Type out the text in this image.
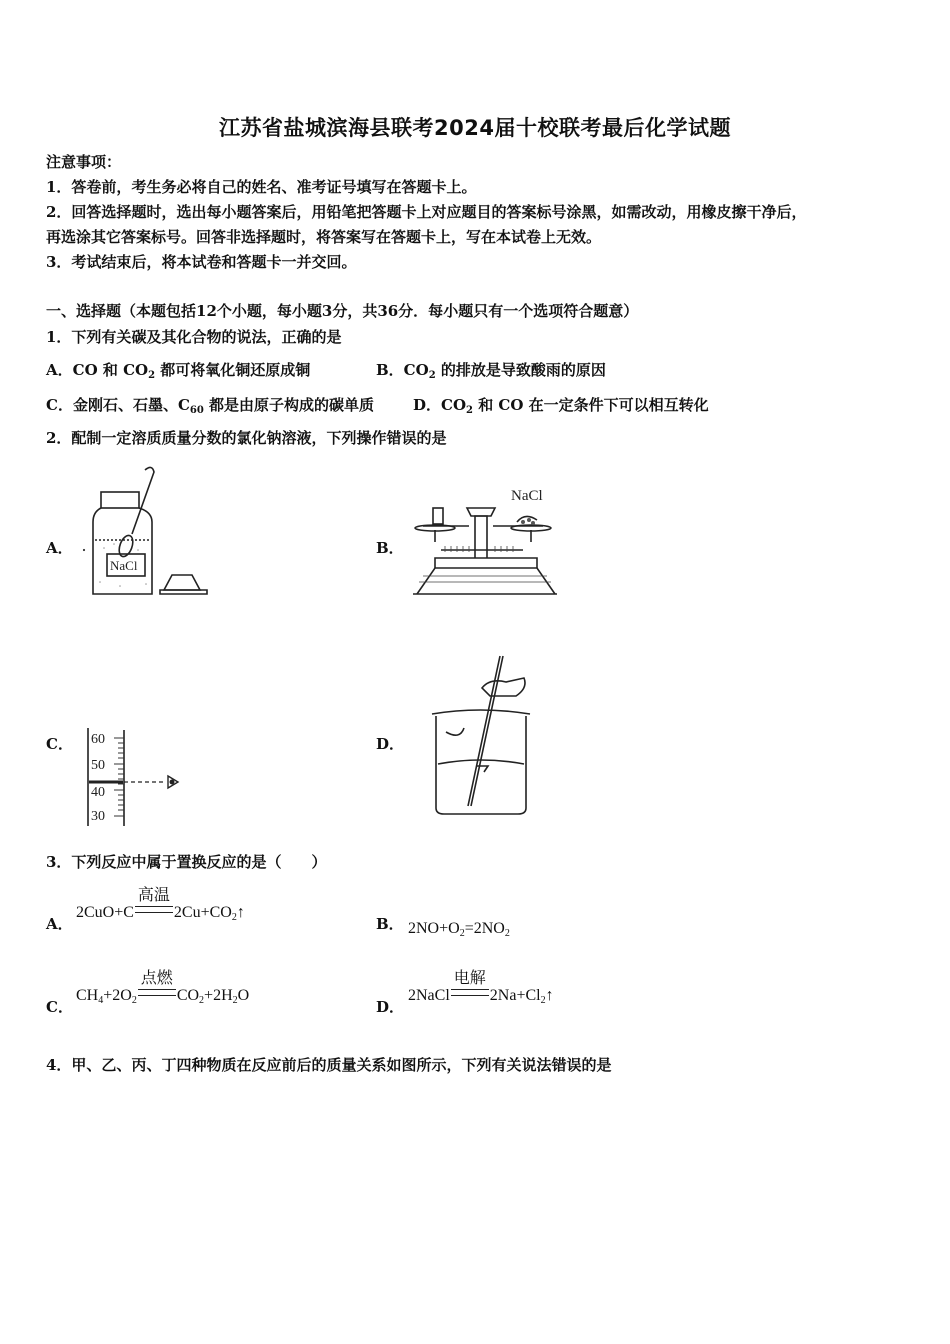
江苏省盐城滨海县联考2024届十校联考最后化学试题
注意事项：
1．答卷前，考生务必将自己的姓名、准考证号填写在答题卡上。
2．回答选择题时，选出每小题答案后，用铅笔把答题卡上对应题目的答案标号涂黑，如需改动，用橡皮擦干净后，
再选涂其它答案标号。回答非选择题时，将答案写在答题卡上，写在本试卷上无效。
3．考试结束后，将本试卷和答题卡一并交回。
一、选择题（本题包括12个小题，每小题3分，共36分．每小题只有一个选项符合题意）
1．下列有关碳及其化合物的说法，正确的是
A．CO 和 $CO_2$ 都可将氧化铜还原成铜	B．$CO_2$ 的排放是导致酸雨的原因
C．金刚石、石墨、$C_{60}$ 都是由原子构成的碳单质	D．$CO_2$ 和 CO 在一定条件下可以相互转化
2．配制一定溶质质量分数的氯化钠溶液，下列操作错误的是
A．	B．
C．	D．
NaCl
NaCl
60
50
40
30
3．下列反应中属于置换反应的是（　　）
A．
2CuO+C
高温
$2Cu+CO_2↑$
B． $2NO+O_2=2NO_2$
C．
$CH_4+2O_2$
点燃
$CO_2+2H_2O$
D．
2NaCl
电解
$2Na+Cl_2↑$
4．甲、乙、丙、丁四种物质在反应前后的质量关系如图所示，下列有关说法错误的是
